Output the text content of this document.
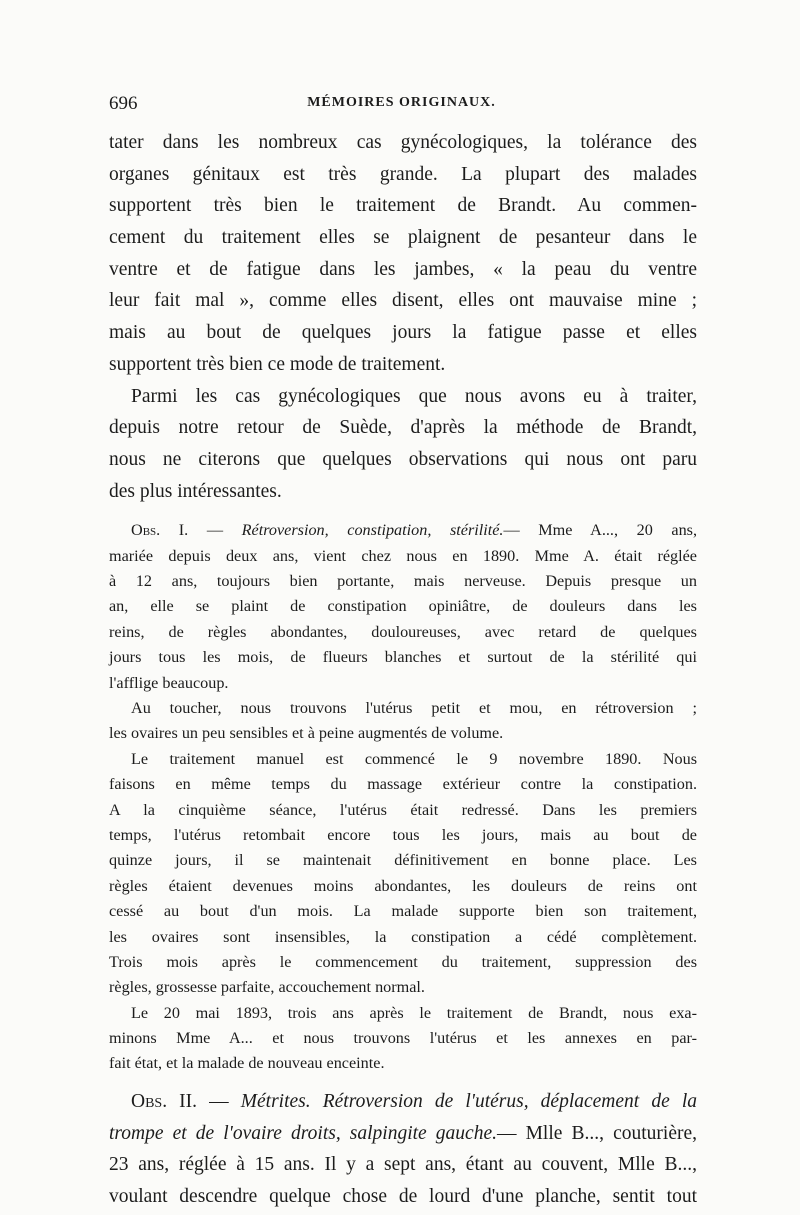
696	MÉMOIRES ORIGINAUX.
tater dans les nombreux cas gynécologiques, la tolérance des
organes génitaux est très grande. La plupart des malades
supportent très bien le traitement de Brandt. Au commen-
cement du traitement elles se plaignent de pesanteur dans le
ventre et de fatigue dans les jambes, « la peau du ventre
leur fait mal », comme elles disent, elles ont mauvaise mine ;
mais au bout de quelques jours la fatigue passe et elles
supportent très bien ce mode de traitement.
Parmi les cas gynécologiques que nous avons eu à traiter,
depuis notre retour de Suède, d'après la méthode de Brandt,
nous ne citerons que quelques observations qui nous ont paru
des plus intéressantes.
Obs. I. — Rétroversion, constipation, stérilité.— Mme A..., 20 ans,
mariée depuis deux ans, vient chez nous en 1890. Mme A. était réglée
à 12 ans, toujours bien portante, mais nerveuse. Depuis presque un
an, elle se plaint de constipation opiniâtre, de douleurs dans les
reins, de règles abondantes, douloureuses, avec retard de quelques
jours tous les mois, de flueurs blanches et surtout de la stérilité qui
l'afflige beaucoup.
Au toucher, nous trouvons l'utérus petit et mou, en rétroversion ;
les ovaires un peu sensibles et à peine augmentés de volume.
Le traitement manuel est commencé le 9 novembre 1890. Nous
faisons en même temps du massage extérieur contre la constipation.
A la cinquième séance, l'utérus était redressé. Dans les premiers
temps, l'utérus retombait encore tous les jours, mais au bout de
quinze jours, il se maintenait définitivement en bonne place. Les
règles étaient devenues moins abondantes, les douleurs de reins ont
cessé au bout d'un mois. La malade supporte bien son traitement,
les ovaires sont insensibles, la constipation a cédé complètement.
Trois mois après le commencement du traitement, suppression des
règles, grossesse parfaite, accouchement normal.
Le 20 mai 1893, trois ans après le traitement de Brandt, nous exa-
minons Mme A... et nous trouvons l'utérus et les annexes en par-
fait état, et la malade de nouveau enceinte.
Obs. II. — Métrites. Rétroversion de l'utérus, déplacement de la
trompe et de l'ovaire droits, salpingite gauche.— Mlle B..., couturière,
23 ans, réglée à 15 ans. Il y a sept ans, étant au couvent, Mlle B...,
voulant descendre quelque chose de lourd d'une planche, sentit tout
